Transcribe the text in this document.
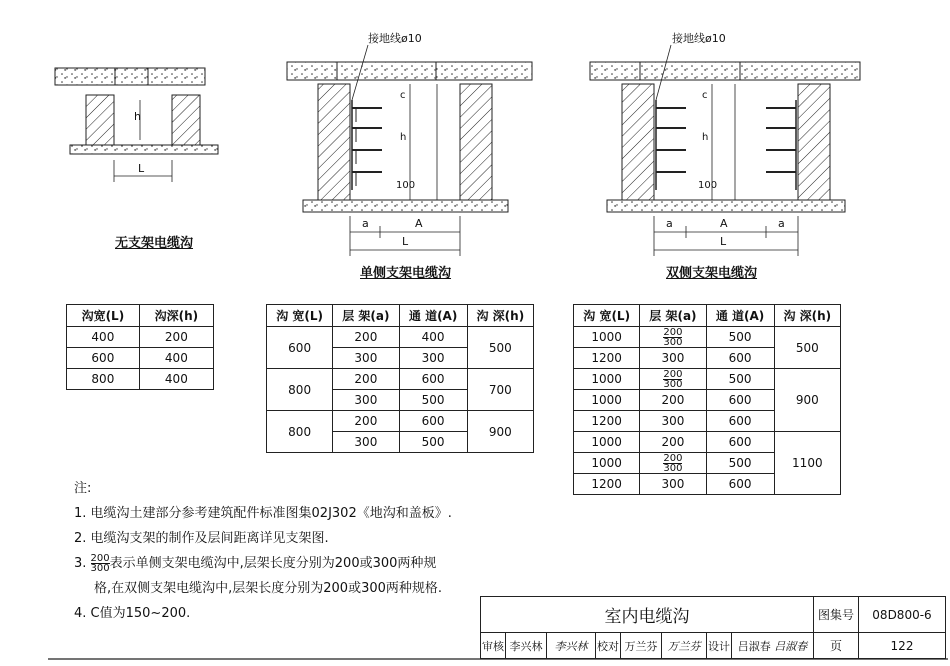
h
L
无支架电缆沟
接地线ø10
c
h
100
a	A
L
单侧支架电缆沟
接地线ø10
c
h
100
a	A	a
L
双侧支架电缆沟
沟宽(L)	沟深(h)
400	200
600	400
800	400
沟 宽(L)	层 架(a)	通 道(A)	沟 深(h)
600	200	400	500
	300	300	
800	200	600	700
	300	500	
800	200	600	900
	300	500	
沟 宽(L)	层 架(a)	通 道(A)	沟 深(h)
1000	$\frac{200}{300}$	500	500
1200	300	600	
1000	$\frac{200}{300}$	500	900
1000	200	600	
1200	300	600	
1000	200	600	1100
1000	$\frac{200}{300}$	500	
1200	300	600	
注:
1. 电缆沟土建部分参考建筑配件标准图集02J302《地沟和盖板》.
2. 电缆沟支架的制作及层间距离详见支架图.
3. $\frac{200}{300}$ 表示单侧支架电缆沟中,层架长度分别为200或300两种规
格,在双侧支架电缆沟中,层架长度分别为200或300两种规格.
4. C值为150~200.	室内电缆沟								图集号	08D800-6
审核	李兴林	李兴林	校对	万兰芬	万兰芬	设计	吕淑春 吕淑春	页	122
